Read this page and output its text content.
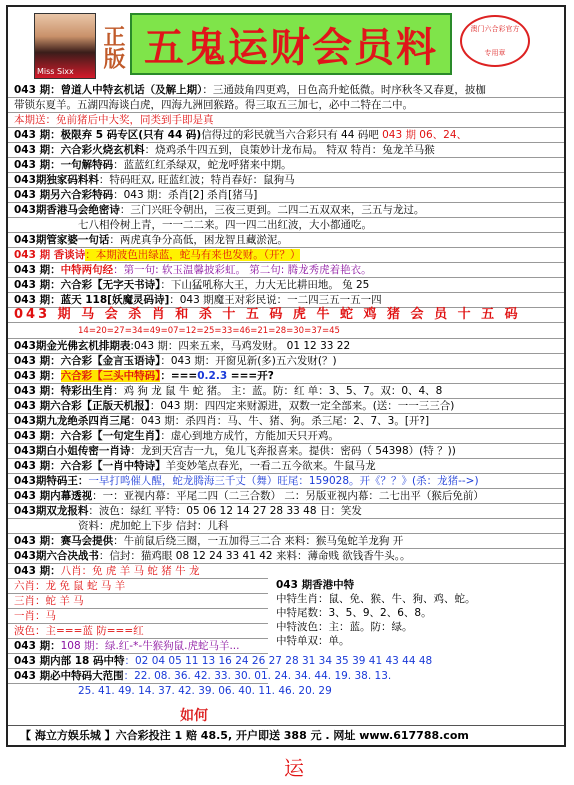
Miss Sixx
正版 五鬼运财会员料	澳门六合彩官方
专用章
043 期：曾道人中特玄机话（及解上期）：三通鼓角四更鸡，日色高升蛇低微。时序秋冬又春夏，披枷
带锁东夏羊。五湖四海谈白虎，四海九洲回猴路。得三取五三加七，必中二特在二中。
本期送：免前猪后中大奖，同类到手即是真
043 期：极限弃 5 码专区(只有 44 码)信得过的彩民就当六合彩只有 44 码吧 043 期 06、24、
043 期：六合彩火烧玄机料：烧鸡杀牛四五到，良策妙计龙布局。 特双 特肖：兔龙羊马猴
043 期：一句解特码：蓝蓝红红杀绿双，蛇龙呼猪来中期。
043期独家码料料：特码旺双, 旺蓝红波；特肖春好：鼠狗马
043 期另六合彩特码：043 期：杀肖[2] 杀肖[猪马]
043期香港马会绝密诗：三门兴旺令朝出，三夜三更到。二四二五双双来，三五与龙过。
七八相伶树上青，一一二二来。四一四二出红波，大小都通吃。
043期管家婆一句话：两虎真争分高低，困龙智且藏淤泥。
043 期 香谈诗：本期波色出绿蓝，蛇马有来也发财。（开？）
043 期：中特两句经：第一句: 软玉温馨披彩虹。 第二句: 腾龙秀虎着艳衣。
043 期：六合彩【无字天书诗】：下山猛吼称大王，力大无比耕田地。 兔 25
043 期：蓝天 118[妖魔灵码诗]：043 期魔王对彩民说：一二四三五一五一四
043 期 马 会 杀 肖 和 杀 十 五 码 虎 牛 蛇 鸡 猪 会 员 十 五 码
14=20=27=34=49=07=12=25=33=46=21=28=30=37=45
043期金光佛玄机排期表:043 期：四来五来，马鸡发财。 01 12 33 22
043 期：六合彩【金言玉语诗】：043 期：开窗见新(多)五六发财(？)
043 期：六合彩【三头中特码】：===0.2.3 ===开?
043 期：特彩出生肖：鸡 狗 龙 鼠 牛 蛇 猪。 主：蓝。防：红 单：3、5、7。双：0、4、8
043 期六合彩【正版天机报】：043 期：四四定来财源进，双数一定全部来。(送：一一三三合)
043期九龙绝杀四肖三尾：043 期：杀四肖：马、牛、猪、狗。杀三尾：2、7、3。[开?]
043 期：六合彩【一句定生肖】：虚心到地方成竹，方能加天只开鸡。
043期白小姐传密一肖诗：龙到天宫吉一九，兔儿飞奔报喜来。提供：密码（ 54398）(特 ？))
043 期：六合彩【一肖中特诗】羊变妙笔点春光，一看二五今欲来。牛鼠马龙
043期特码王：一早打鸣催人醒，蛇龙腾海三千丈（舞）旺尾：159028。开《？？》(杀：龙猪-->)
043 期内幕透视：一：亚视内幕：平尾二四（二三合数） 二：另版亚视内幕：二七出平（猴后免前）
043期双龙报料：波色：绿红 平特：05 06 12 14 27 28 33 48 日：笑发
资料：虎加蛇上下步 信封：儿科
043 期：赛马会提供：牛前鼠后绕三圈，一五加得三二合 来料：猴马兔蛇羊龙狗 开
043期六合决战书：信封：猫鸡眼 08 12 24 33 41 42 来料：薄命贱 欲钱香牛头。。
043 期：八肖：免 虎 羊 马 蛇 猪 牛 龙
六肖：龙 免 鼠 蛇 马 羊
三肖：蛇 羊 马
一肖：马
波色：主===蓝 防===红
043 期：108 期：绿.红-*-牛猴狗鼠.虎蛇马羊...
043 期内部 18 码中特：02 04 05 11 13 16 24 26 27 28 31 34 35 39 41 43 44 48
043 期必中特码大范围：22. 08. 36. 42. 33. 30. 01. 24. 34. 44. 19. 38. 13.
25. 41. 49. 14. 37. 42. 39. 06. 40. 11. 46. 20. 29
043 期香港中特
中特生肖：鼠、免、猴、牛、狗、鸡、蛇。
中特尾数：3、5、9、2、6、8。
中特波色：主：蓝。防：绿。
中特单双：单。
【 海立方娱乐城 】六合彩投注 1 赔 48.5, 开户即送 388 元 . 网址 www.617788.com
如何
运
